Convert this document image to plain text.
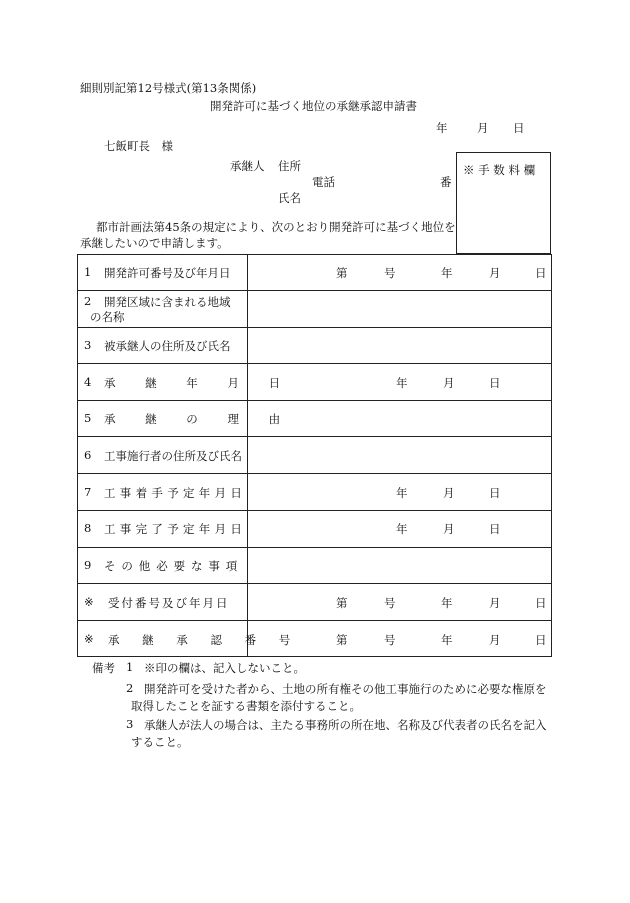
細則別記第12号様式(第13条関係)
開発許可に基づく地位の承継承認申請書
年	月 日
七飯町長　様
※ 手 数 料 欄
承継人 住所
電話	番
氏名
都市計画法第45条の規定により、次のとおり開発許可に基づく地位を
承継したいので申請します。
1 開発許可番号及び年月日	第	号	年	月	日
2 開発区域に含まれる地域
の名称
3 被承継人の住所及び氏名
4 承 継 年 月 日	年	月	日
5 承 継 の 理 由
6 工事施行者の住所及び氏名
7 工事着手予定年月日	年	月	日
8 工事完了予定年月日	年	月	日
9 その他必要な事項
※ 受付番号及び年月日	第	号	年	月	日
※ 承 継 承 認 番 号	第	号	年	月	日
備考 1 ※印の欄は、記入しないこと。
2 開発許可を受けた者から、土地の所有権その他工事施行のために必要な権原を
取得したことを証する書類を添付すること。
3 承継人が法人の場合は、主たる事務所の所在地、名称及び代表者の氏名を記入
すること。
